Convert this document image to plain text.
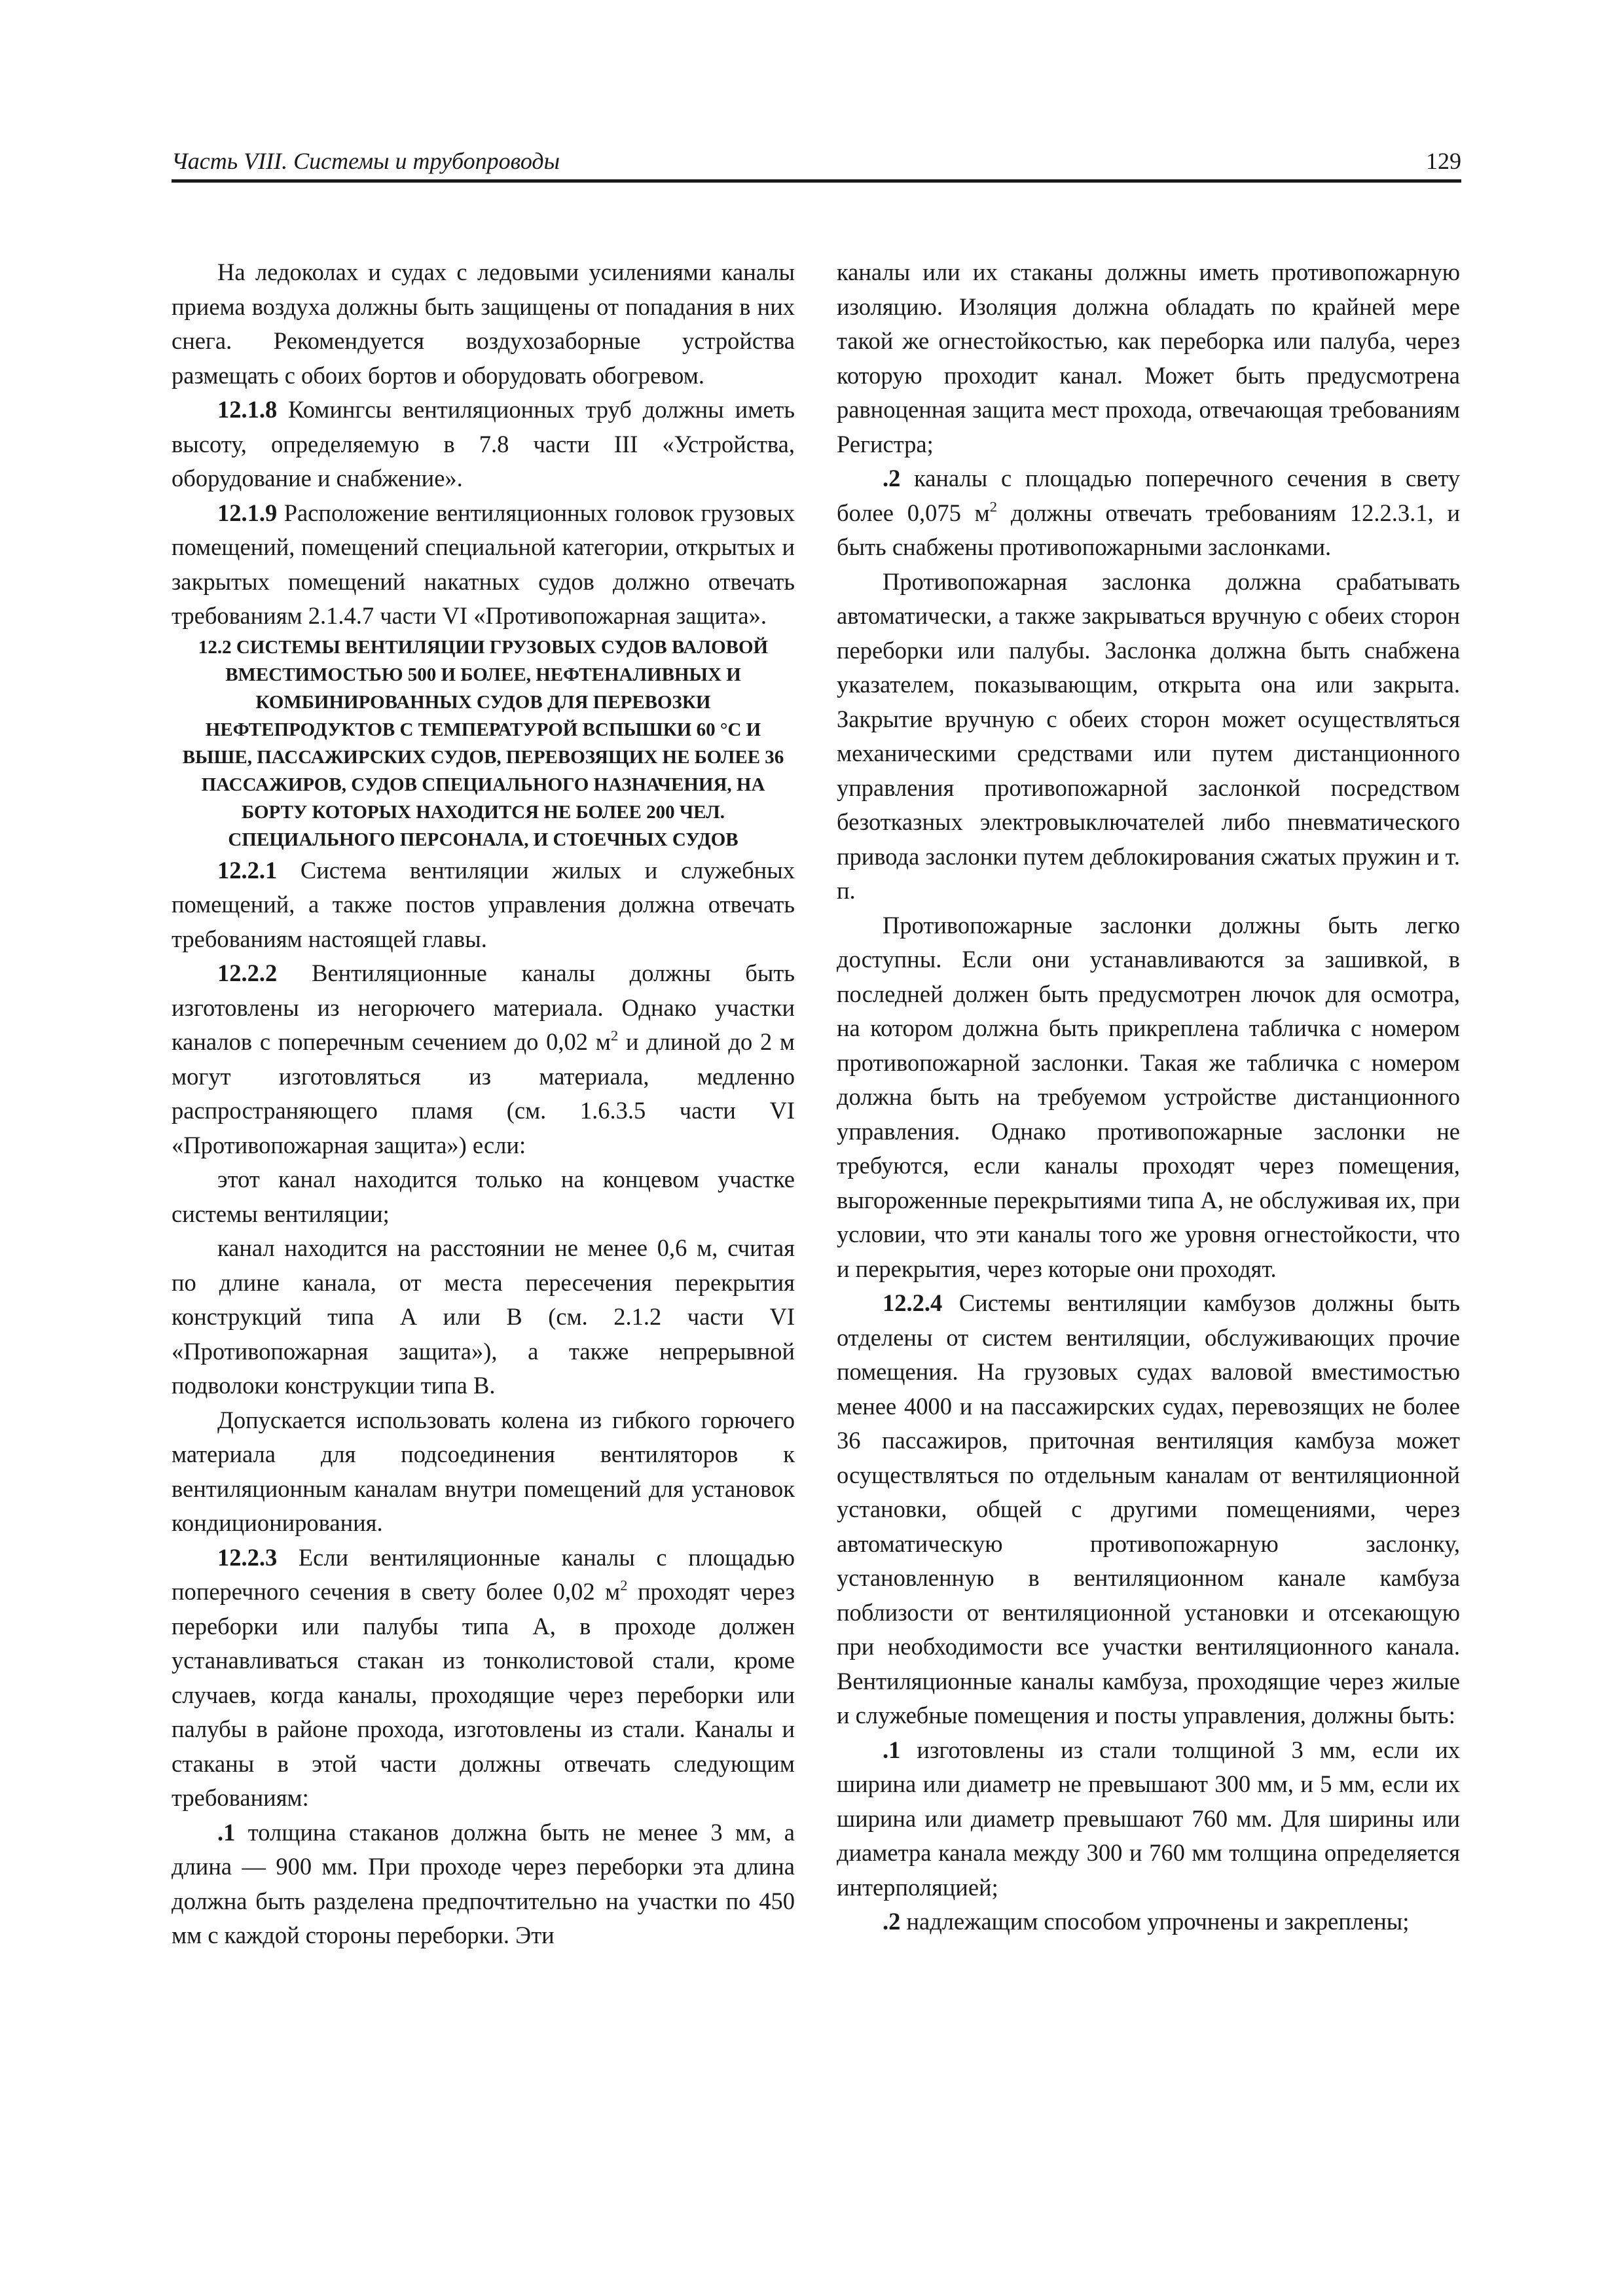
Часть VIII. Системы и трубопроводы	129

На ледоколах и судах с ледовыми усилениями каналы приема воздуха должны быть защищены от попадания в них снега. Рекомендуется воздухозаборные устройства размещать с обоих бортов и оборудовать обогревом.

12.1.8 Комингсы вентиляционных труб должны иметь высоту, определяемую в 7.8 части III «Устройства, оборудование и снабжение».

12.1.9 Расположение вентиляционных головок грузовых помещений, помещений специальной категории, открытых и закрытых помещений накатных судов должно отвечать требованиям 2.1.4.7 части VI «Противопожарная защита».

12.2 СИСТЕМЫ ВЕНТИЛЯЦИИ ГРУЗОВЫХ СУДОВ ВАЛОВОЙ ВМЕСТИМОСТЬЮ 500 И БОЛЕЕ, НЕФТЕНАЛИВНЫХ И КОМБИНИРОВАННЫХ СУДОВ ДЛЯ ПЕРЕВОЗКИ НЕФТЕПРОДУКТОВ С ТЕМПЕРАТУРОЙ ВСПЫШКИ 60 °С И ВЫШЕ, ПАССАЖИРСКИХ СУДОВ, ПЕРЕВОЗЯЩИХ НЕ БОЛЕЕ 36 ПАССАЖИРОВ, СУДОВ СПЕЦИАЛЬНОГО НАЗНАЧЕНИЯ, НА БОРТУ КОТОРЫХ НАХОДИТСЯ НЕ БОЛЕЕ 200 ЧЕЛ. СПЕЦИАЛЬНОГО ПЕРСОНАЛА, И СТОЕЧНЫХ СУДОВ

12.2.1 Система вентиляции жилых и служебных помещений, а также постов управления должна отвечать требованиям настоящей главы.

12.2.2 Вентиляционные каналы должны быть изготовлены из негорючего материала. Однако участки каналов с поперечным сечением до 0,02 $м^2$ и длиной до 2 м могут изготовляться из материала, медленно распространяющего пламя (см. 1.6.3.5 части VI «Противопожарная защита») если:

этот канал находится только на концевом участке системы вентиляции;

канал находится на расстоянии не менее 0,6 м, считая по длине канала, от места пересечения перекрытия конструкций типа А или В (см. 2.1.2 части VI «Противопожарная защита»), а также непрерывной подволоки конструкции типа В.

Допускается использовать колена из гибкого горючего материала для подсоединения вентиляторов к вентиляционным каналам внутри помещений для установок кондиционирования.

12.2.3 Если вентиляционные каналы с площадью поперечного сечения в свету более 0,02 $м^2$ проходят через переборки или палубы типа А, в проходе должен устанавливаться стакан из тонколистовой стали, кроме случаев, когда каналы, проходящие через переборки или палубы в районе прохода, изготовлены из стали. Каналы и стаканы в этой части должны отвечать следующим требованиям:

.1 толщина стаканов должна быть не менее 3 мм, а длина — 900 мм. При проходе через переборки эта длина должна быть разделена предпочтительно на участки по 450 мм с каждой стороны переборки. Эти

каналы или их стаканы должны иметь противопожарную изоляцию. Изоляция должна обладать по крайней мере такой же огнестойкостью, как переборка или палуба, через которую проходит канал. Может быть предусмотрена равноценная защита мест прохода, отвечающая требованиям Регистра;

.2 каналы с площадью поперечного сечения в свету более 0,075 $м^2$ должны отвечать требованиям 12.2.3.1, и быть снабжены противопожарными заслонками.

Противопожарная заслонка должна срабатывать автоматически, а также закрываться вручную с обеих сторон переборки или палубы. Заслонка должна быть снабжена указателем, показывающим, открыта она или закрыта. Закрытие вручную с обеих сторон может осуществляться механическими средствами или путем дистанционного управления противопожарной заслонкой посредством безотказных электровыключателей либо пневматического привода заслонки путем деблокирования сжатых пружин и т. п.

Противопожарные заслонки должны быть легко доступны. Если они устанавливаются за зашивкой, в последней должен быть предусмотрен лючок для осмотра, на котором должна быть прикреплена табличка с номером противопожарной заслонки. Такая же табличка с номером должна быть на требуемом устройстве дистанционного управления. Однако противопожарные заслонки не требуются, если каналы проходят через помещения, выгороженные перекрытиями типа А, не обслуживая их, при условии, что эти каналы того же уровня огнестойкости, что и перекрытия, через которые они проходят.

12.2.4 Системы вентиляции камбузов должны быть отделены от систем вентиляции, обслуживающих прочие помещения. На грузовых судах валовой вместимостью менее 4000 и на пассажирских судах, перевозящих не более 36 пассажиров, приточная вентиляция камбуза может осуществляться по отдельным каналам от вентиляционной установки, общей с другими помещениями, через автоматическую противопожарную заслонку, установленную в вентиляционном канале камбуза поблизости от вентиляционной установки и отсекающую при необходимости все участки вентиляционного канала. Вентиляционные каналы камбуза, проходящие через жилые и служебные помещения и посты управления, должны быть:

.1 изготовлены из стали толщиной 3 мм, если их ширина или диаметр не превышают 300 мм, и 5 мм, если их ширина или диаметр превышают 760 мм. Для ширины или диаметра канала между 300 и 760 мм толщина определяется интерполяцией;

.2 надлежащим способом упрочнены и закреплены;
